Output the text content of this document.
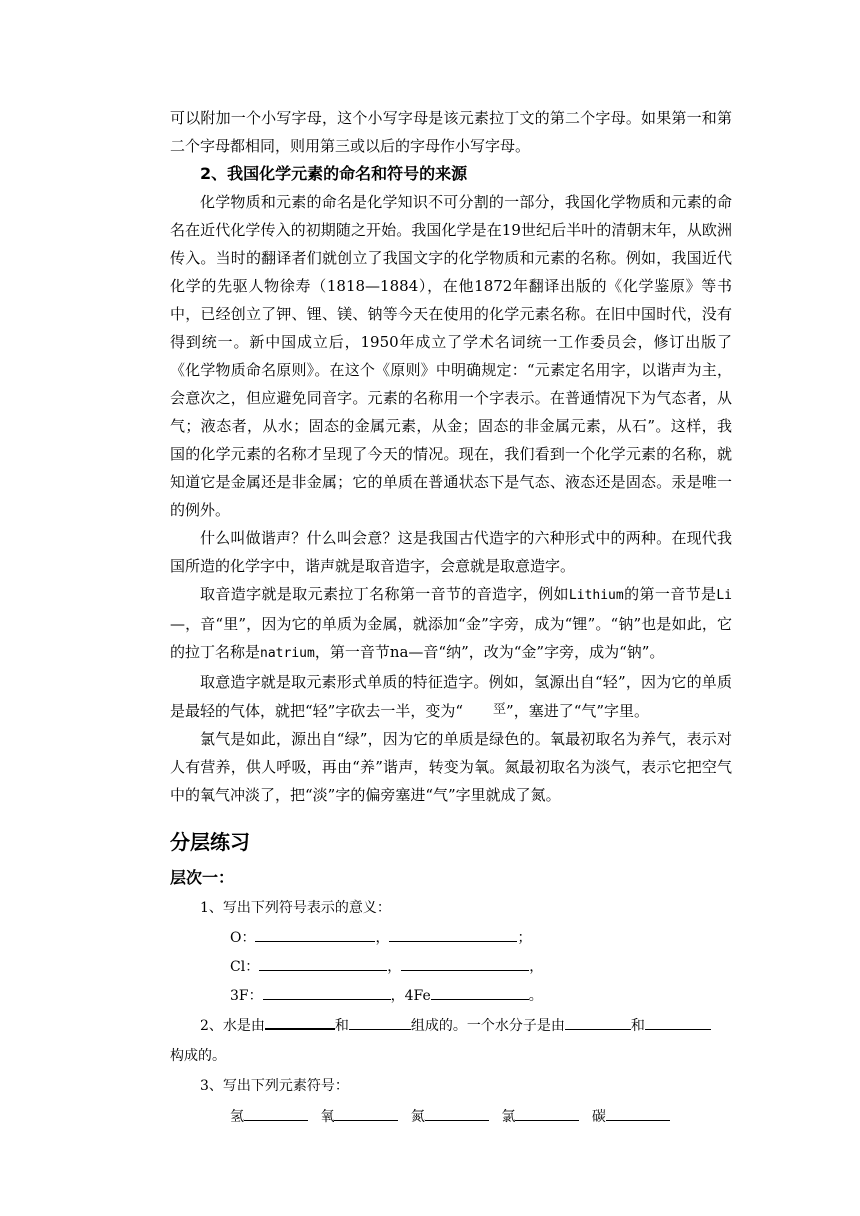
可以附加一个小写字母，这个小写字母是该元素拉丁文的第二个字母。如果第一和第二个字母都相同，则用第三或以后的字母作小写字母。

2、我国化学元素的命名和符号的来源

化学物质和元素的命名是化学知识不可分割的一部分，我国化学物质和元素的命名在近代化学传入的初期随之开始。我国化学是在19世纪后半叶的清朝末年，从欧洲传入。当时的翻译者们就创立了我国文字的化学物质和元素的名称。例如，我国近代化学的先驱人物徐寿（1818—1884），在他1872年翻译出版的《化学鉴原》等书中，已经创立了钾、锂、镁、钠等今天在使用的化学元素名称。在旧中国时代，没有得到统一。新中国成立后，1950年成立了学术名词统一工作委员会，修订出版了《化学物质命名原则》。在这个《原则》中明确规定：“元素定名用字，以谐声为主，会意次之，但应避免同音字。元素的名称用一个字表示。在普通情况下为气态者，从气；液态者，从水；固态的金属元素，从金；固态的非金属元素，从石”。这样，我国的化学元素的名称才呈现了今天的情况。现在，我们看到一个化学元素的名称，就知道它是金属还是非金属；它的单质在普通状态下是气态、液态还是固态。汞是唯一的例外。

什么叫做谐声？什么叫会意？这是我国古代造字的六种形式中的两种。在现代我国所造的化学字中，谐声就是取音造字，会意就是取意造字。

取音造字就是取元素拉丁名称第一音节的音造字，例如Lithium的第一音节是Li—，音“里”，因为它的单质为金属，就添加“金”字旁，成为“锂”。“钠”也是如此，它的拉丁名称是natrium，第一音节na—音“纳”，改为“金”字旁，成为“钠”。

取意造字就是取元素形式单质的特征造字。例如，氢源出自“轻”，因为它的单质是最轻的气体，就把“轻”字砍去一半，变为“ 巠”，塞进了“气”字里。

氯气是如此，源出自“绿”，因为它的单质是绿色的。氧最初取名为养气，表示对人有营养，供人呼吸，再由“养”谐声，转变为氧。氮最初取名为淡气，表示它把空气中的氧气冲淡了，把“淡”字的偏旁塞进“气”字里就成了氮。

分层练习
层次一：
1、写出下列符号表示的意义：
O：	，	；
Cl：	，	，
3F：	，4Fe	。

2、水是由	和	组成的。一个水分子是由	和
构成的。

3、写出下列元素符号：
氢	氧	氮	氯	碳
